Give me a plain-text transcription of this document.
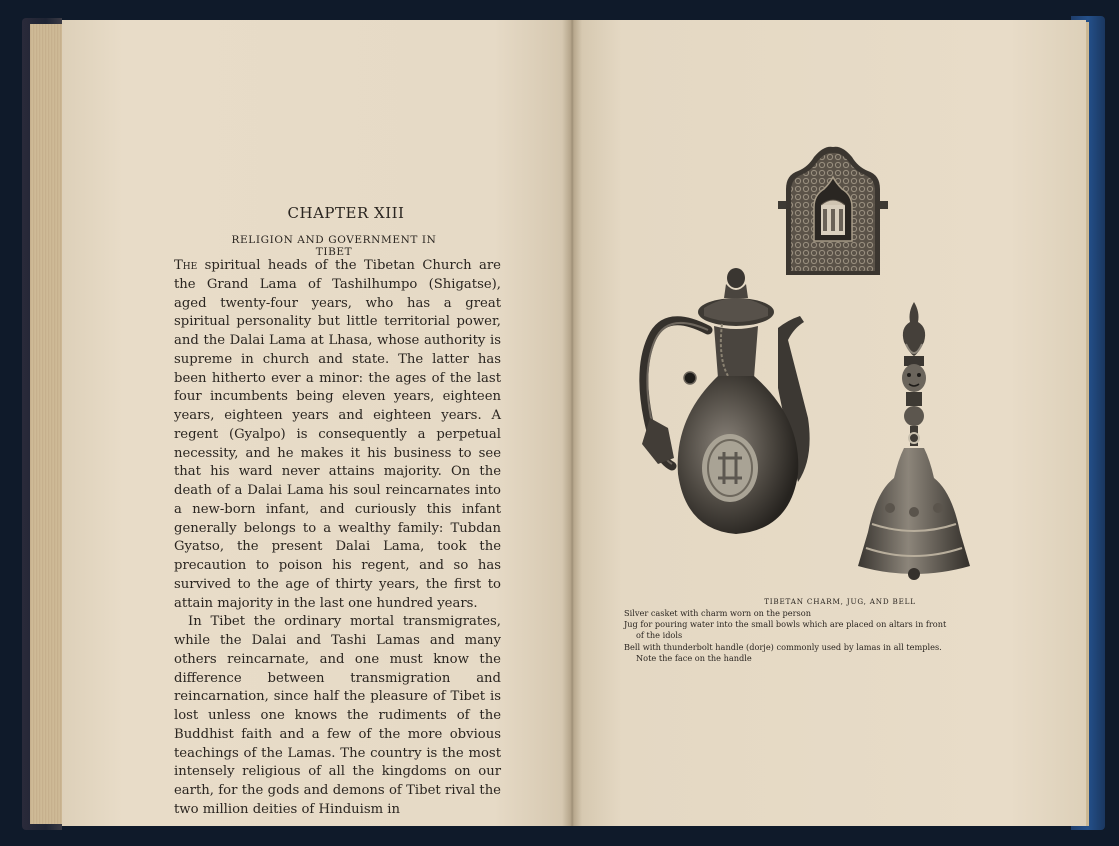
CHAPTER XIII
RELIGION AND GOVERNMENT IN TIBET

The spiritual heads of the Tibetan Church are the Grand Lama of Tashilhumpo (Shigatse), aged twenty-four years, who has a great spiritual personality but little territorial power, and the Dalai Lama at Lhasa, whose authority is supreme in church and state. The latter has been hitherto ever a minor: the ages of the last four incumbents being eleven years, eighteen years, eighteen years and eighteen years. A regent (Gyalpo) is consequently a perpetual necessity, and he makes it his business to see that his ward never attains majority. On the death of a Dalai Lama his soul reincarnates into a new-born infant, and curiously this infant generally belongs to a wealthy family: Tubdan Gyatso, the present Dalai Lama, took the precaution to poison his regent, and so has survived to the age of thirty years, the first to attain majority in the last one hundred years.

In Tibet the ordinary mortal transmigrates, while the Dalai and Tashi Lamas and many others reincarnate, and one must know the difference between transmigration and reincarnation, since half the pleasure of Tibet is lost unless one knows the rudiments of the Buddhist faith and a few of the more obvious teachings of the Lamas. The country is the most intensely religious of all the kingdoms on our earth, for the gods and demons of Tibet rival the two million deities of Hinduism in

TIBETAN CHARM, JUG, AND BELL
Silver casket with charm worn on the person
Jug for pouring water into the small bowls which are placed on altars in front
of the idols
Bell with thunderbolt handle (dorje) commonly used by lamas in all temples.
Note the face on the handle
